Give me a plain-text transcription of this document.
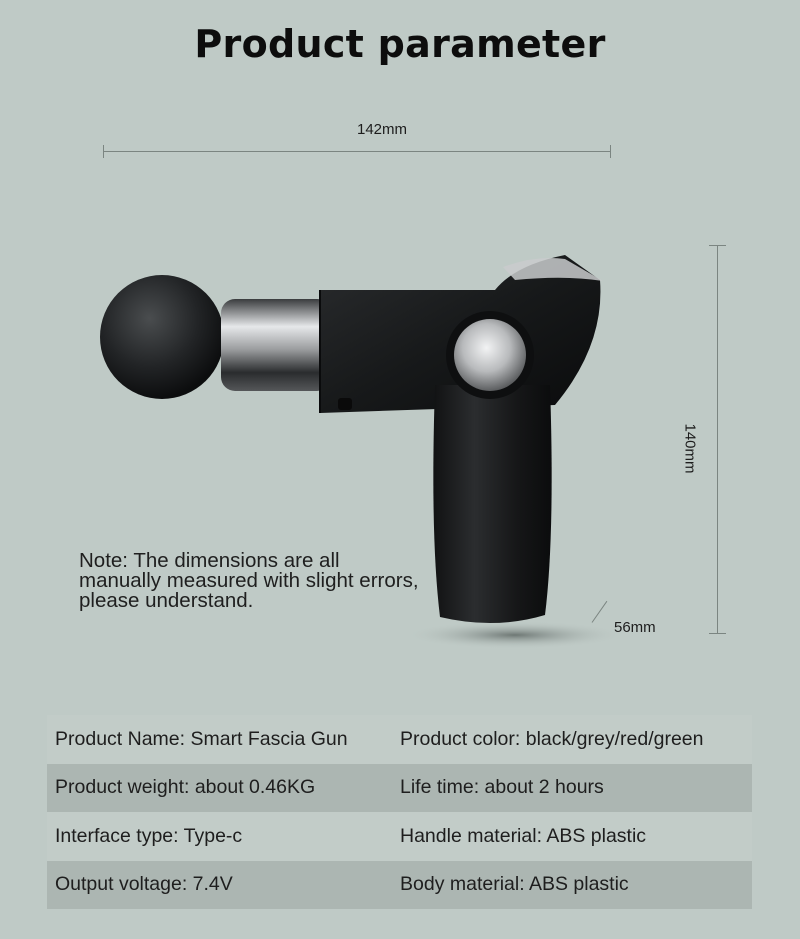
Product parameter
142mm
140mm
56mm
Note: The dimensions are all manually measured with slight errors, please understand.
Product Name: Smart Fascia Gun	Product color: black/grey/red/green
Product weight: about 0.46KG	Life time: about 2 hours
Interface type: Type-c	Handle material: ABS plastic
Output voltage: 7.4V	Body material: ABS plastic
